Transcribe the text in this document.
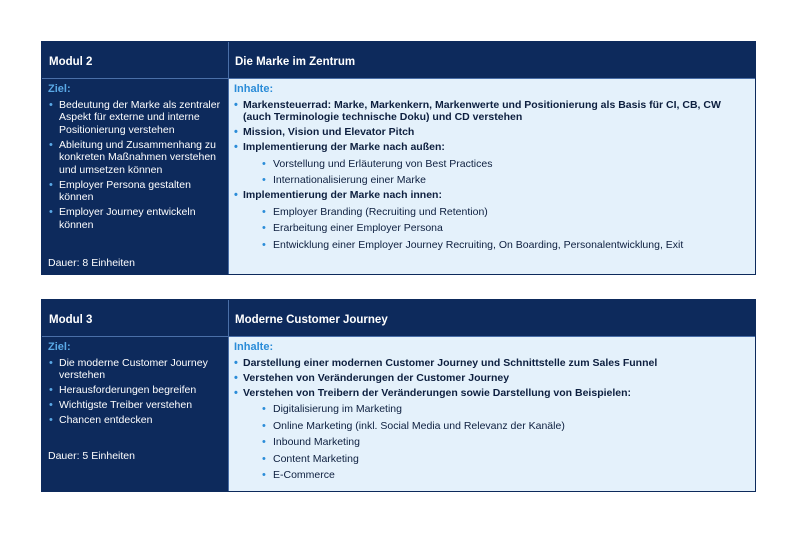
Modul 2	Die Marke im Zentrum
Ziel:
• Bedeutung der Marke als zentraler Aspekt für externe und interne Positionierung verstehen
• Ableitung und Zusammenhang zu konkreten Maßnahmen verstehen und umsetzen können
• Employer Persona gestalten können
• Employer Journey entwickeln können
Dauer: 8 Einheiten
Inhalte:
• Markensteuerrad: Marke, Markenkern, Markenwerte und Positionierung als Basis für CI, CB, CW (auch Terminologie technische Doku) und CD verstehen
• Mission, Vision und Elevator Pitch
• Implementierung der Marke nach außen:
• Vorstellung und Erläuterung von Best Practices
• Internationalisierung einer Marke
• Implementierung der Marke nach innen:
• Employer Branding (Recruiting und Retention)
• Erarbeitung einer Employer Persona
• Entwicklung einer Employer Journey Recruiting, On Boarding, Personalentwicklung, Exit
Modul 3	Moderne Customer Journey
Ziel:
• Die moderne Customer Journey verstehen
• Herausforderungen begreifen
• Wichtigste Treiber verstehen
• Chancen entdecken
Dauer: 5 Einheiten
Inhalte:
• Darstellung einer modernen Customer Journey und Schnittstelle zum Sales Funnel
• Verstehen von Veränderungen der Customer Journey
• Verstehen von Treibern der Veränderungen sowie Darstellung von Beispielen:
• Digitalisierung im Marketing
• Online Marketing (inkl. Social Media und Relevanz der Kanäle)
• Inbound Marketing
• Content Marketing
• E-Commerce
